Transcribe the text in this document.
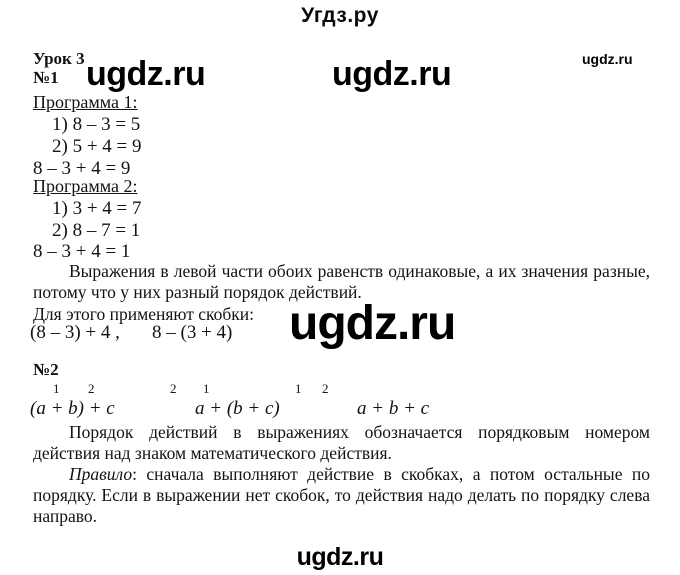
Угдз.ру
ugdz.ru	ugdz.ru	ugdz.ru
Урок 3
№1
Программа 1:
1) 8 – 3 = 5
2) 5 + 4 = 9
8 – 3 + 4 = 9
Программа 2:
1) 3 + 4 = 7
2) 8 – 7 = 1
8 – 3 + 4 = 1
Выражения в левой части обоих равенств одинаковые, а их значения разные, потому что у них разный порядок действий.
Для этого применяют скобки:
(8 – 3) + 4 , 8 – (3 + 4) ugdz.ru
№2
1 2	2 1	1 2
(a + b) + c	a + (b + c)	a + b + c
Порядок действий в выражениях обозначается порядковым номером действия над знаком математического действия.
Правило: сначала выполняют действие в скобках, а потом остальные по порядку. Если в выражении нет скобок, то действия надо делать по порядку слева направо.
ugdz.ru
